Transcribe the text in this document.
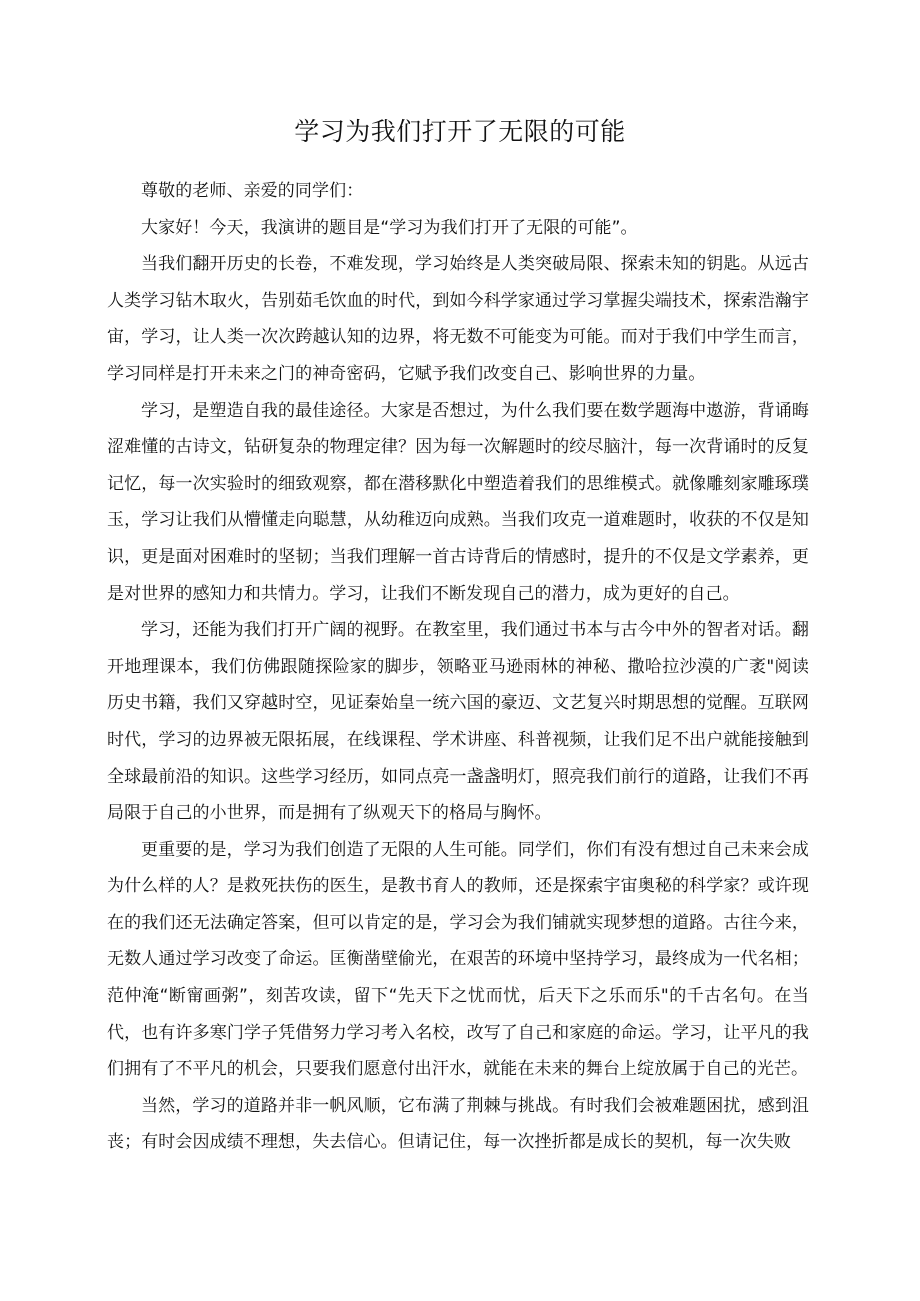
学习为我们打开了无限的可能

尊敬的老师、亲爱的同学们：

大家好！今天，我演讲的题目是“学习为我们打开了无限的可能”。

当我们翻开历史的长卷，不难发现，学习始终是人类突破局限、探索未知的钥匙。从远古人类学习钻木取火，告别茹毛饮血的时代，到如今科学家通过学习掌握尖端技术，探索浩瀚宇宙，学习，让人类一次次跨越认知的边界，将无数不可能变为可能。而对于我们中学生而言，学习同样是打开未来之门的神奇密码，它赋予我们改变自己、影响世界的力量。

学习，是塑造自我的最佳途径。大家是否想过，为什么我们要在数学题海中遨游，背诵晦涩难懂的古诗文，钻研复杂的物理定律？因为每一次解题时的绞尽脑汁，每一次背诵时的反复记忆，每一次实验时的细致观察，都在潜移默化中塑造着我们的思维模式。就像雕刻家雕琢璞玉，学习让我们从懵懂走向聪慧，从幼稚迈向成熟。当我们攻克一道难题时，收获的不仅是知识，更是面对困难时的坚韧；当我们理解一首古诗背后的情感时，提升的不仅是文学素养，更是对世界的感知力和共情力。学习，让我们不断发现自己的潜力，成为更好的自己。

学习，还能为我们打开广阔的视野。在教室里，我们通过书本与古今中外的智者对话。翻开地理课本，我们仿佛跟随探险家的脚步，领略亚马逊雨林的神秘、撒哈拉沙漠的广袤"阅读历史书籍，我们又穿越时空，见证秦始皇一统六国的豪迈、文艺复兴时期思想的觉醒。互联网时代，学习的边界被无限拓展，在线课程、学术讲座、科普视频，让我们足不出户就能接触到全球最前沿的知识。这些学习经历，如同点亮一盏盏明灯，照亮我们前行的道路，让我们不再局限于自己的小世界，而是拥有了纵观天下的格局与胸怀。

更重要的是，学习为我们创造了无限的人生可能。同学们，你们有没有想过自己未来会成为什么样的人？是救死扶伤的医生，是教书育人的教师，还是探索宇宙奥秘的科学家？或许现在的我们还无法确定答案，但可以肯定的是，学习会为我们铺就实现梦想的道路。古往今来，无数人通过学习改变了命运。匡衡凿壁偷光，在艰苦的环境中坚持学习，最终成为一代名相；范仲淹“断甯画粥”，刻苦攻读，留下“先天下之忧而忧，后天下之乐而乐"的千古名句。在当代，也有许多寒门学子凭借努力学习考入名校，改写了自己和家庭的命运。学习，让平凡的我们拥有了不平凡的机会，只要我们愿意付出汗水，就能在未来的舞台上绽放属于自己的光芒。

当然，学习的道路并非一帆风顺，它布满了荆棘与挑战。有时我们会被难题困扰，感到沮丧；有时会因成绩不理想，失去信心。但请记住，每一次挫折都是成长的契机，每一次失败
